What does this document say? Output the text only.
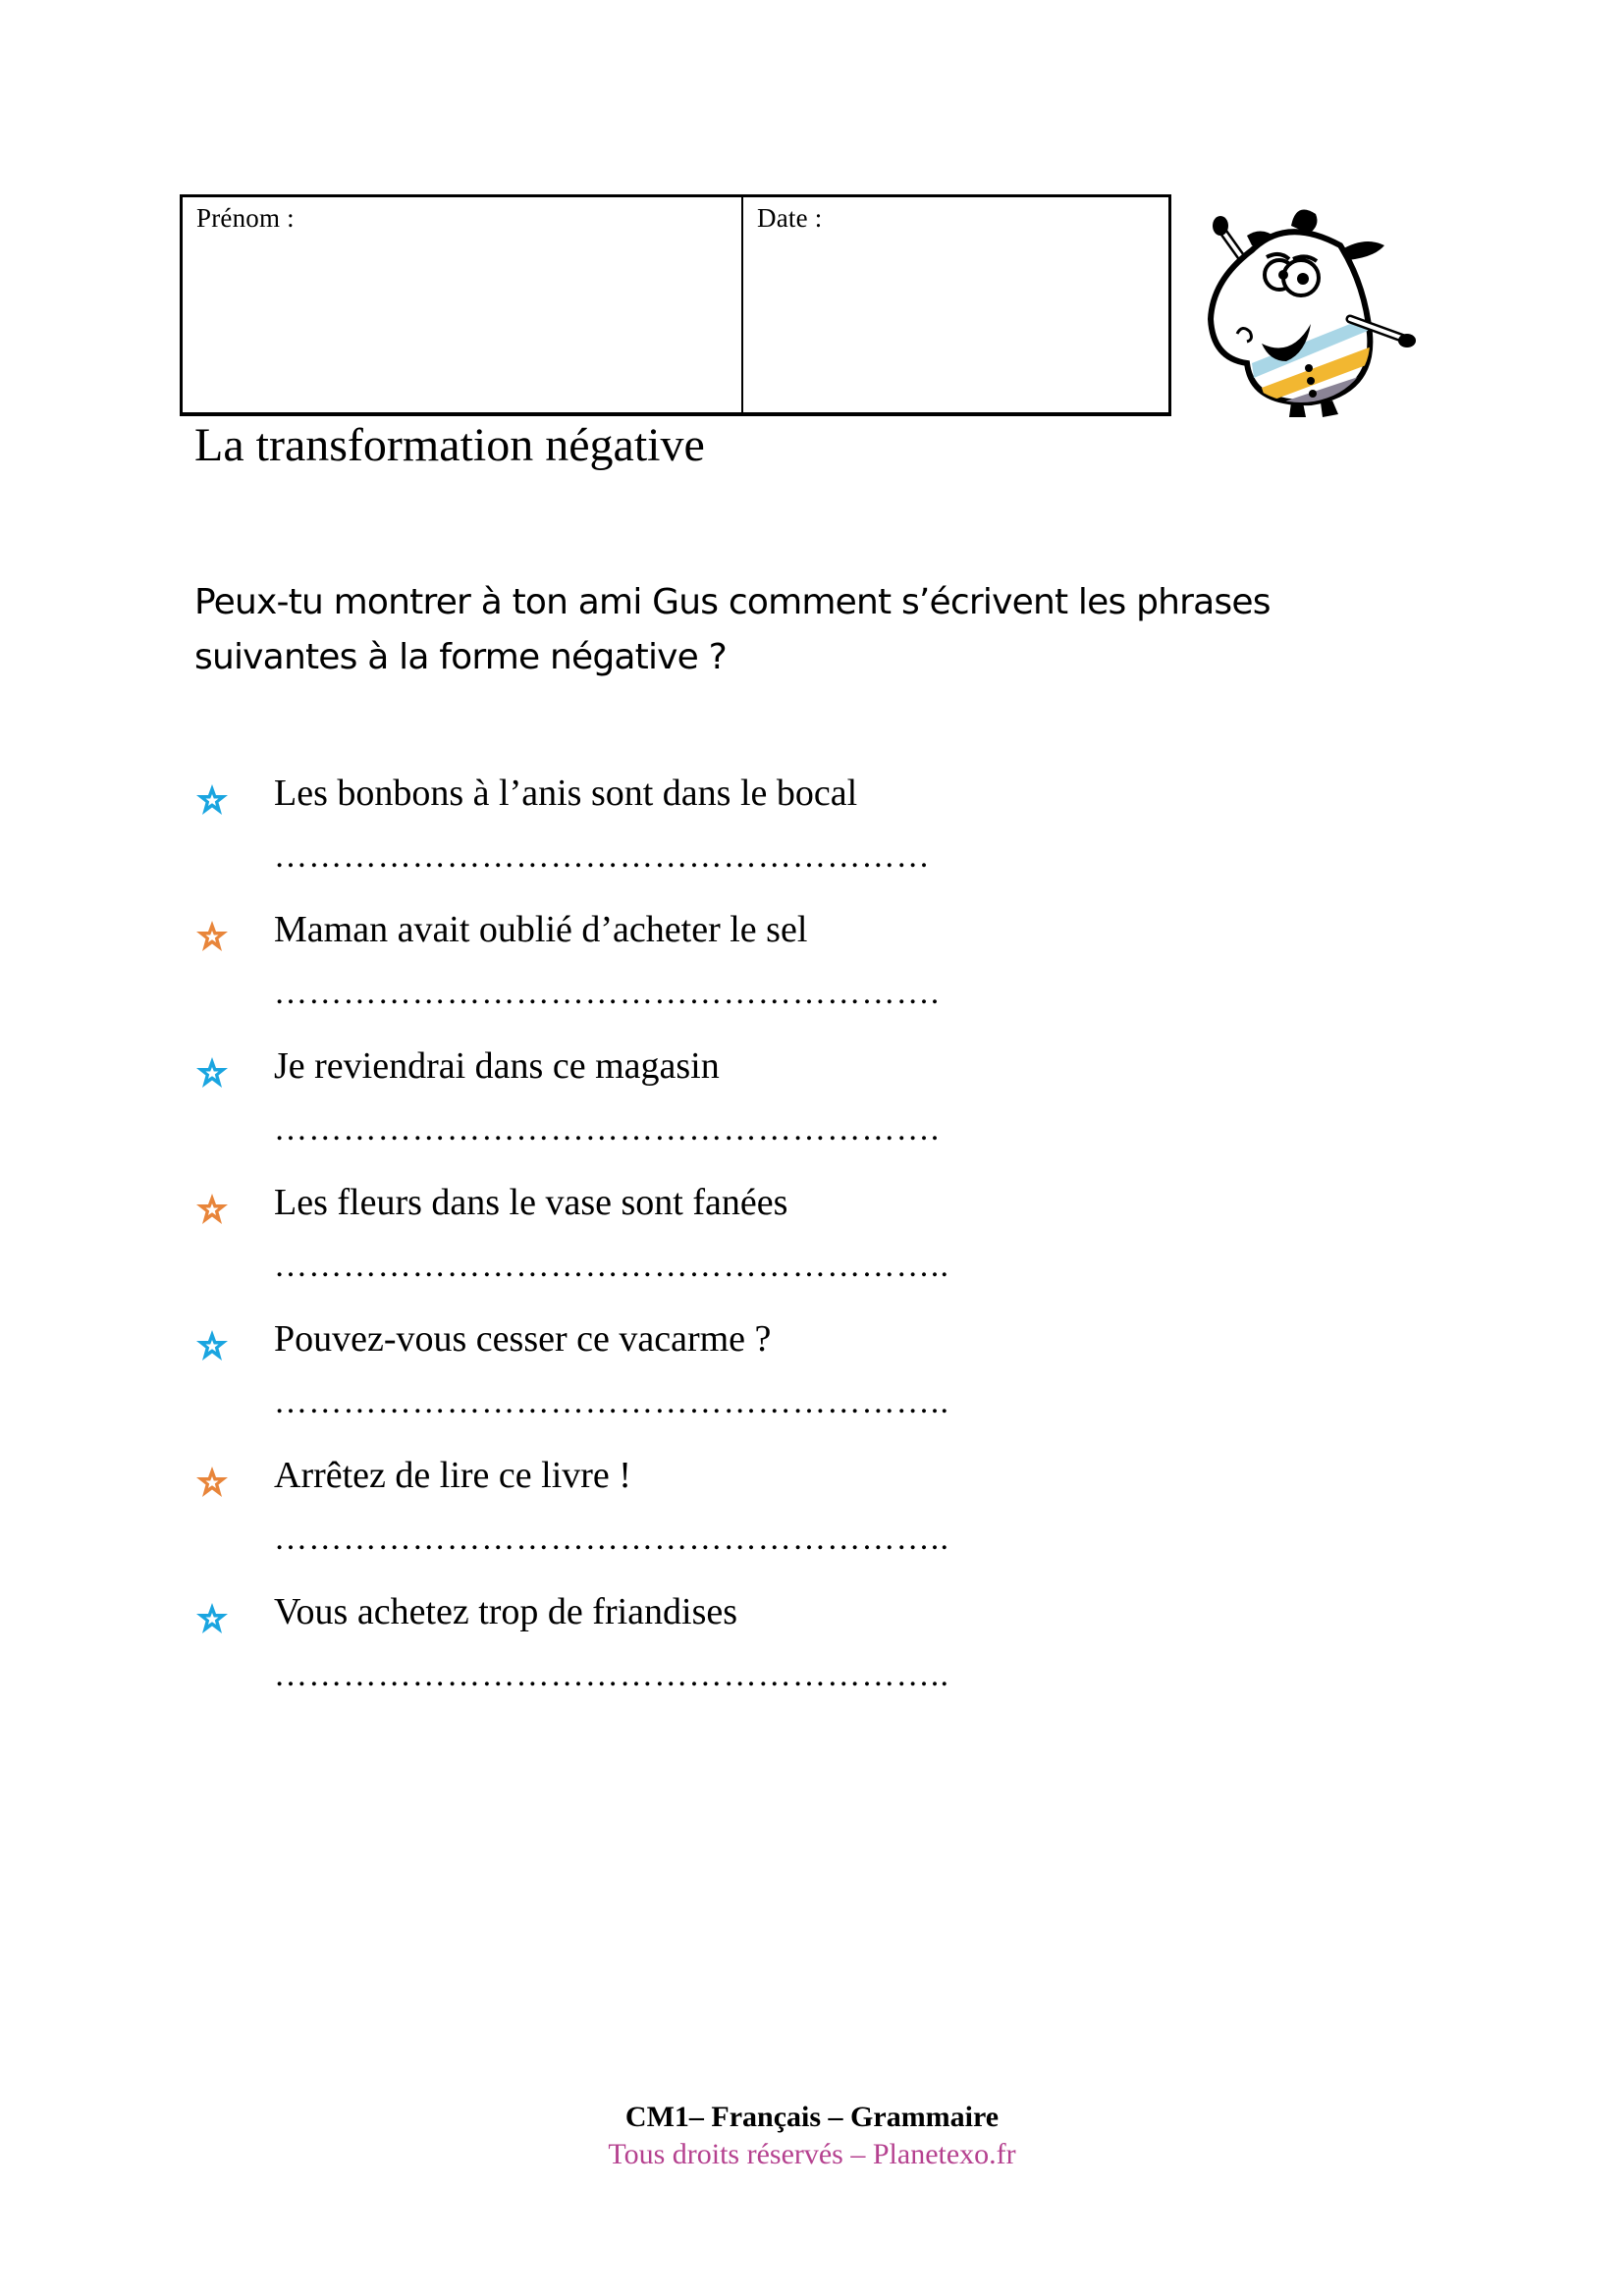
Prénom :	Date :
La transformation négative
Peux-tu montrer à ton ami Gus comment s’écrivent les phrases suivantes à la forme négative ?
Les bonbons à l’anis sont dans le bocal
…………………………………………………
Maman avait oublié d’acheter le sel
………………………………………………….
Je reviendrai dans ce magasin
………………………………………………….
Les fleurs dans le vase sont fanées
…………………………………………………..
Pouvez-vous cesser ce vacarme ?
…………………………………………………..
Arrêtez de lire ce livre !
…………………………………………………..
Vous achetez trop de friandises
…………………………………………………..
CM1– Français – Grammaire
Tous droits réservés – Planetexo.fr
